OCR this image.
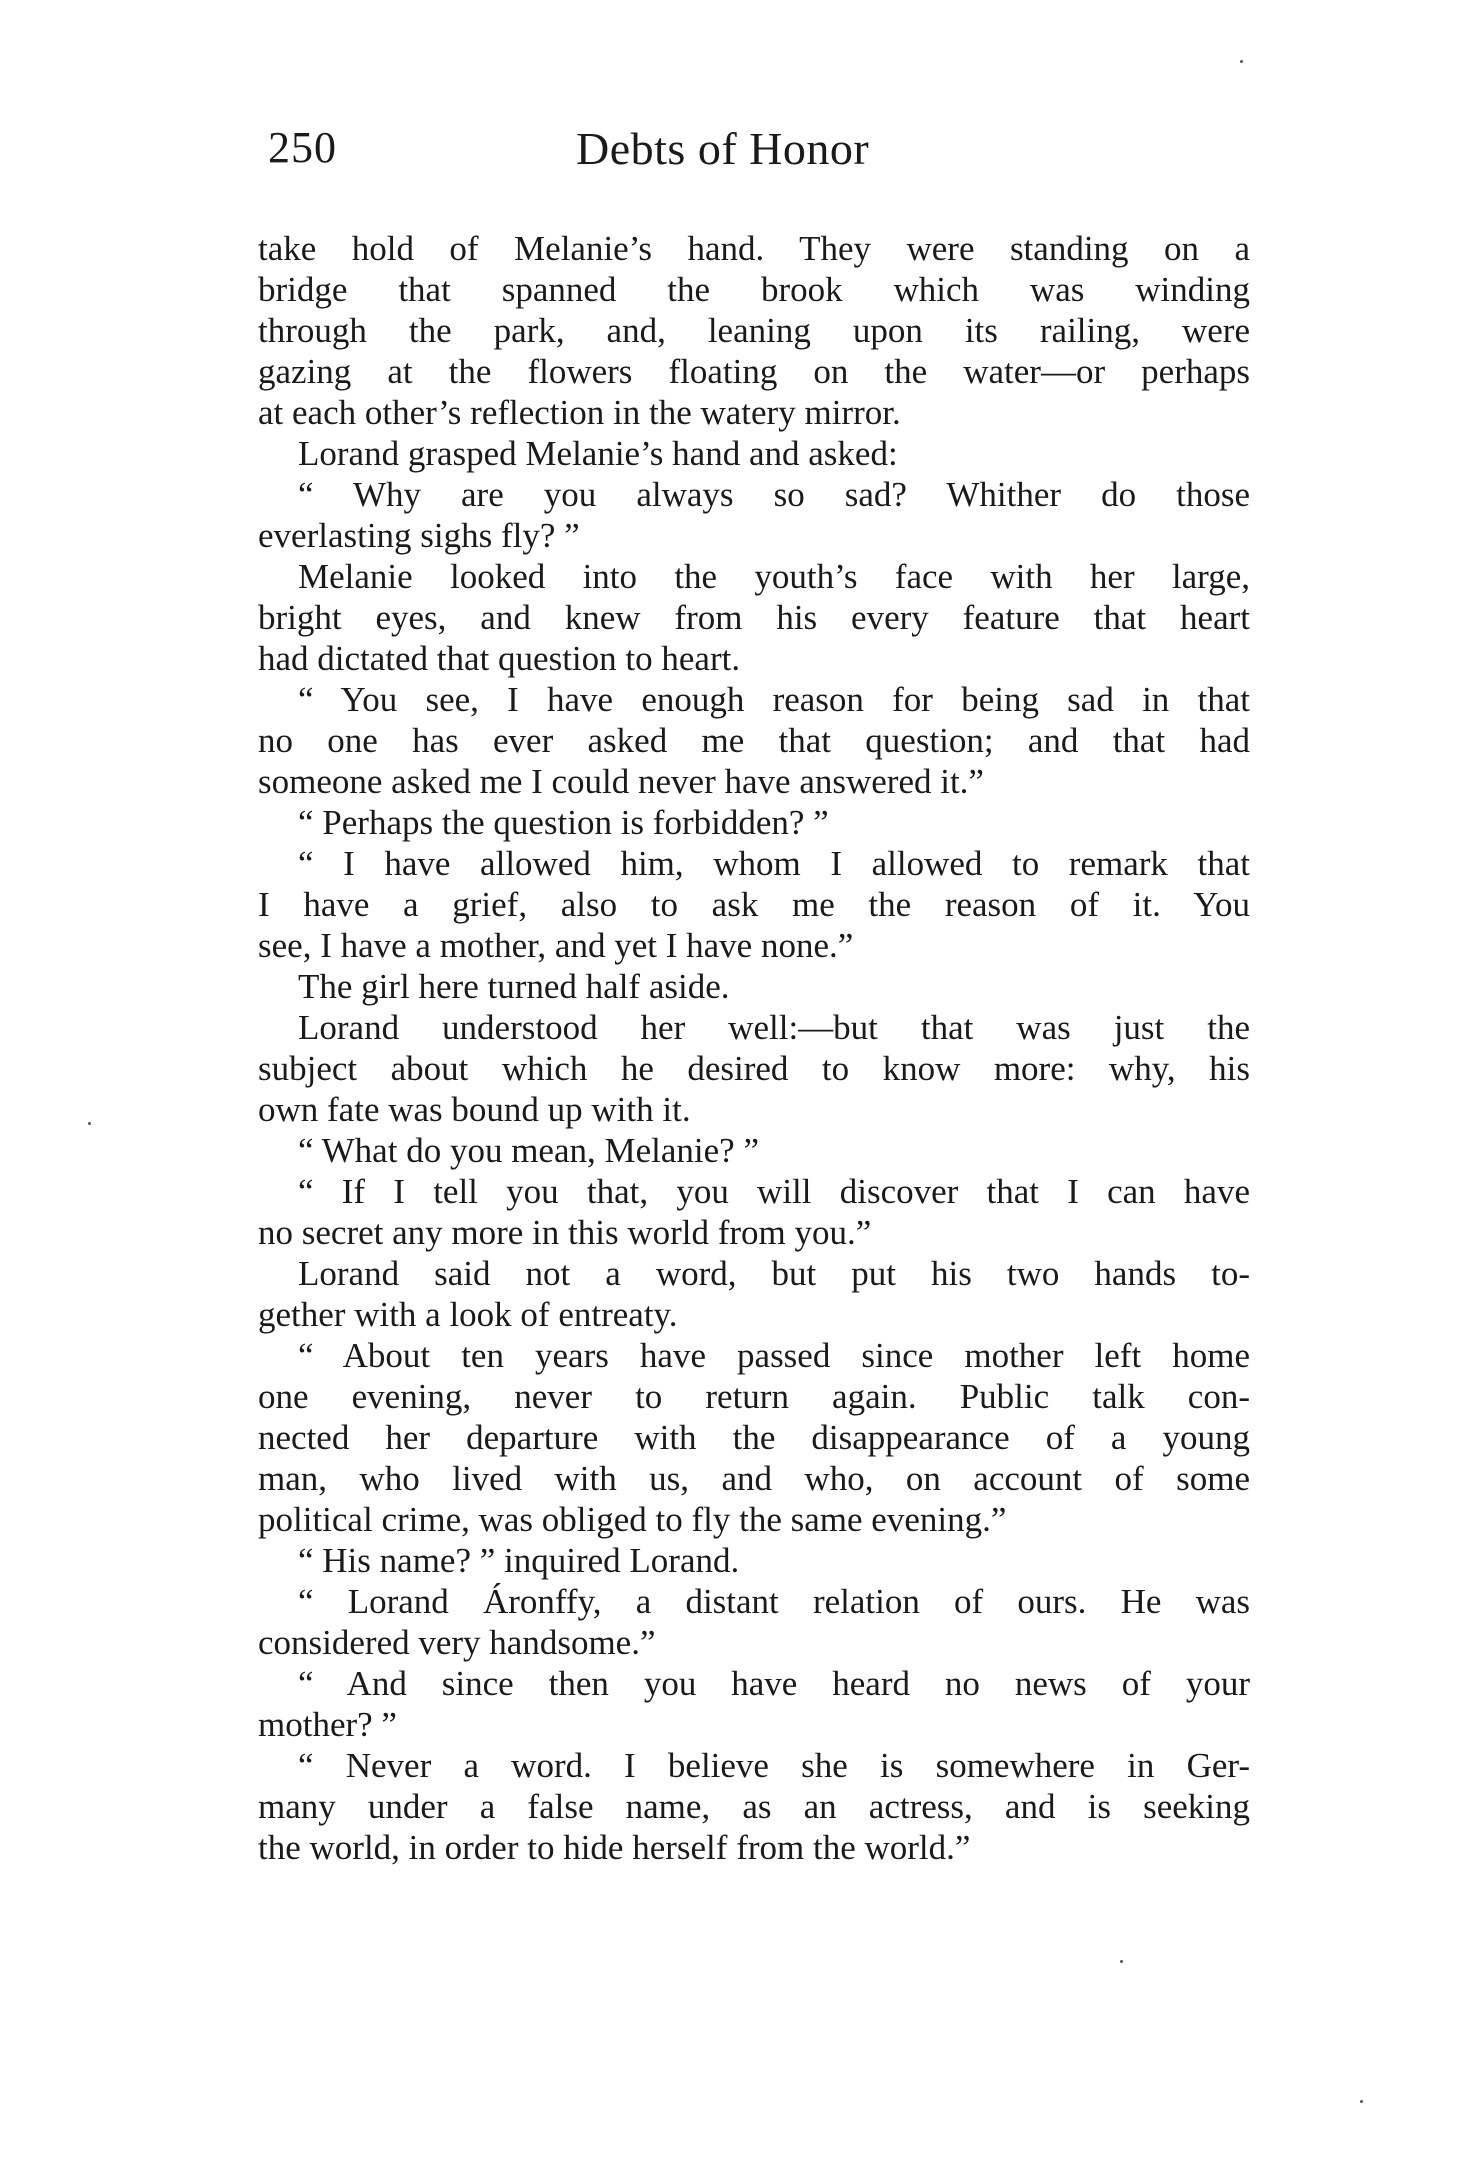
250	Debts of Honor
take hold of Melanie’s hand. They were standing on a
bridge that spanned the brook which was winding
through the park, and, leaning upon its railing, were
gazing at the flowers floating on the water—or perhaps
at each other’s reflection in the watery mirror.
Lorand grasped Melanie’s hand and asked:
“ Why are you always so sad? Whither do those
everlasting sighs fly? ”
Melanie looked into the youth’s face with her large,
bright eyes, and knew from his every feature that heart
had dictated that question to heart.
“ You see, I have enough reason for being sad in that
no one has ever asked me that question; and that had
someone asked me I could never have answered it.”
“ Perhaps the question is forbidden? ”
“ I have allowed him, whom I allowed to remark that
I have a grief, also to ask me the reason of it. You
see, I have a mother, and yet I have none.”
The girl here turned half aside.
Lorand understood her well:—but that was just the
subject about which he desired to know more: why, his
own fate was bound up with it.
“ What do you mean, Melanie? ”
“ If I tell you that, you will discover that I can have
no secret any more in this world from you.”
Lorand said not a word, but put his two hands to-
gether with a look of entreaty.
“ About ten years have passed since mother left home
one evening, never to return again. Public talk con-
nected her departure with the disappearance of a young
man, who lived with us, and who, on account of some
political crime, was obliged to fly the same evening.”
“ His name? ” inquired Lorand.
“ Lorand Áronffy, a distant relation of ours. He was
considered very handsome.”
“ And since then you have heard no news of your
mother? ”
“ Never a word. I believe she is somewhere in Ger-
many under a false name, as an actress, and is seeking
the world, in order to hide herself from the world.”
